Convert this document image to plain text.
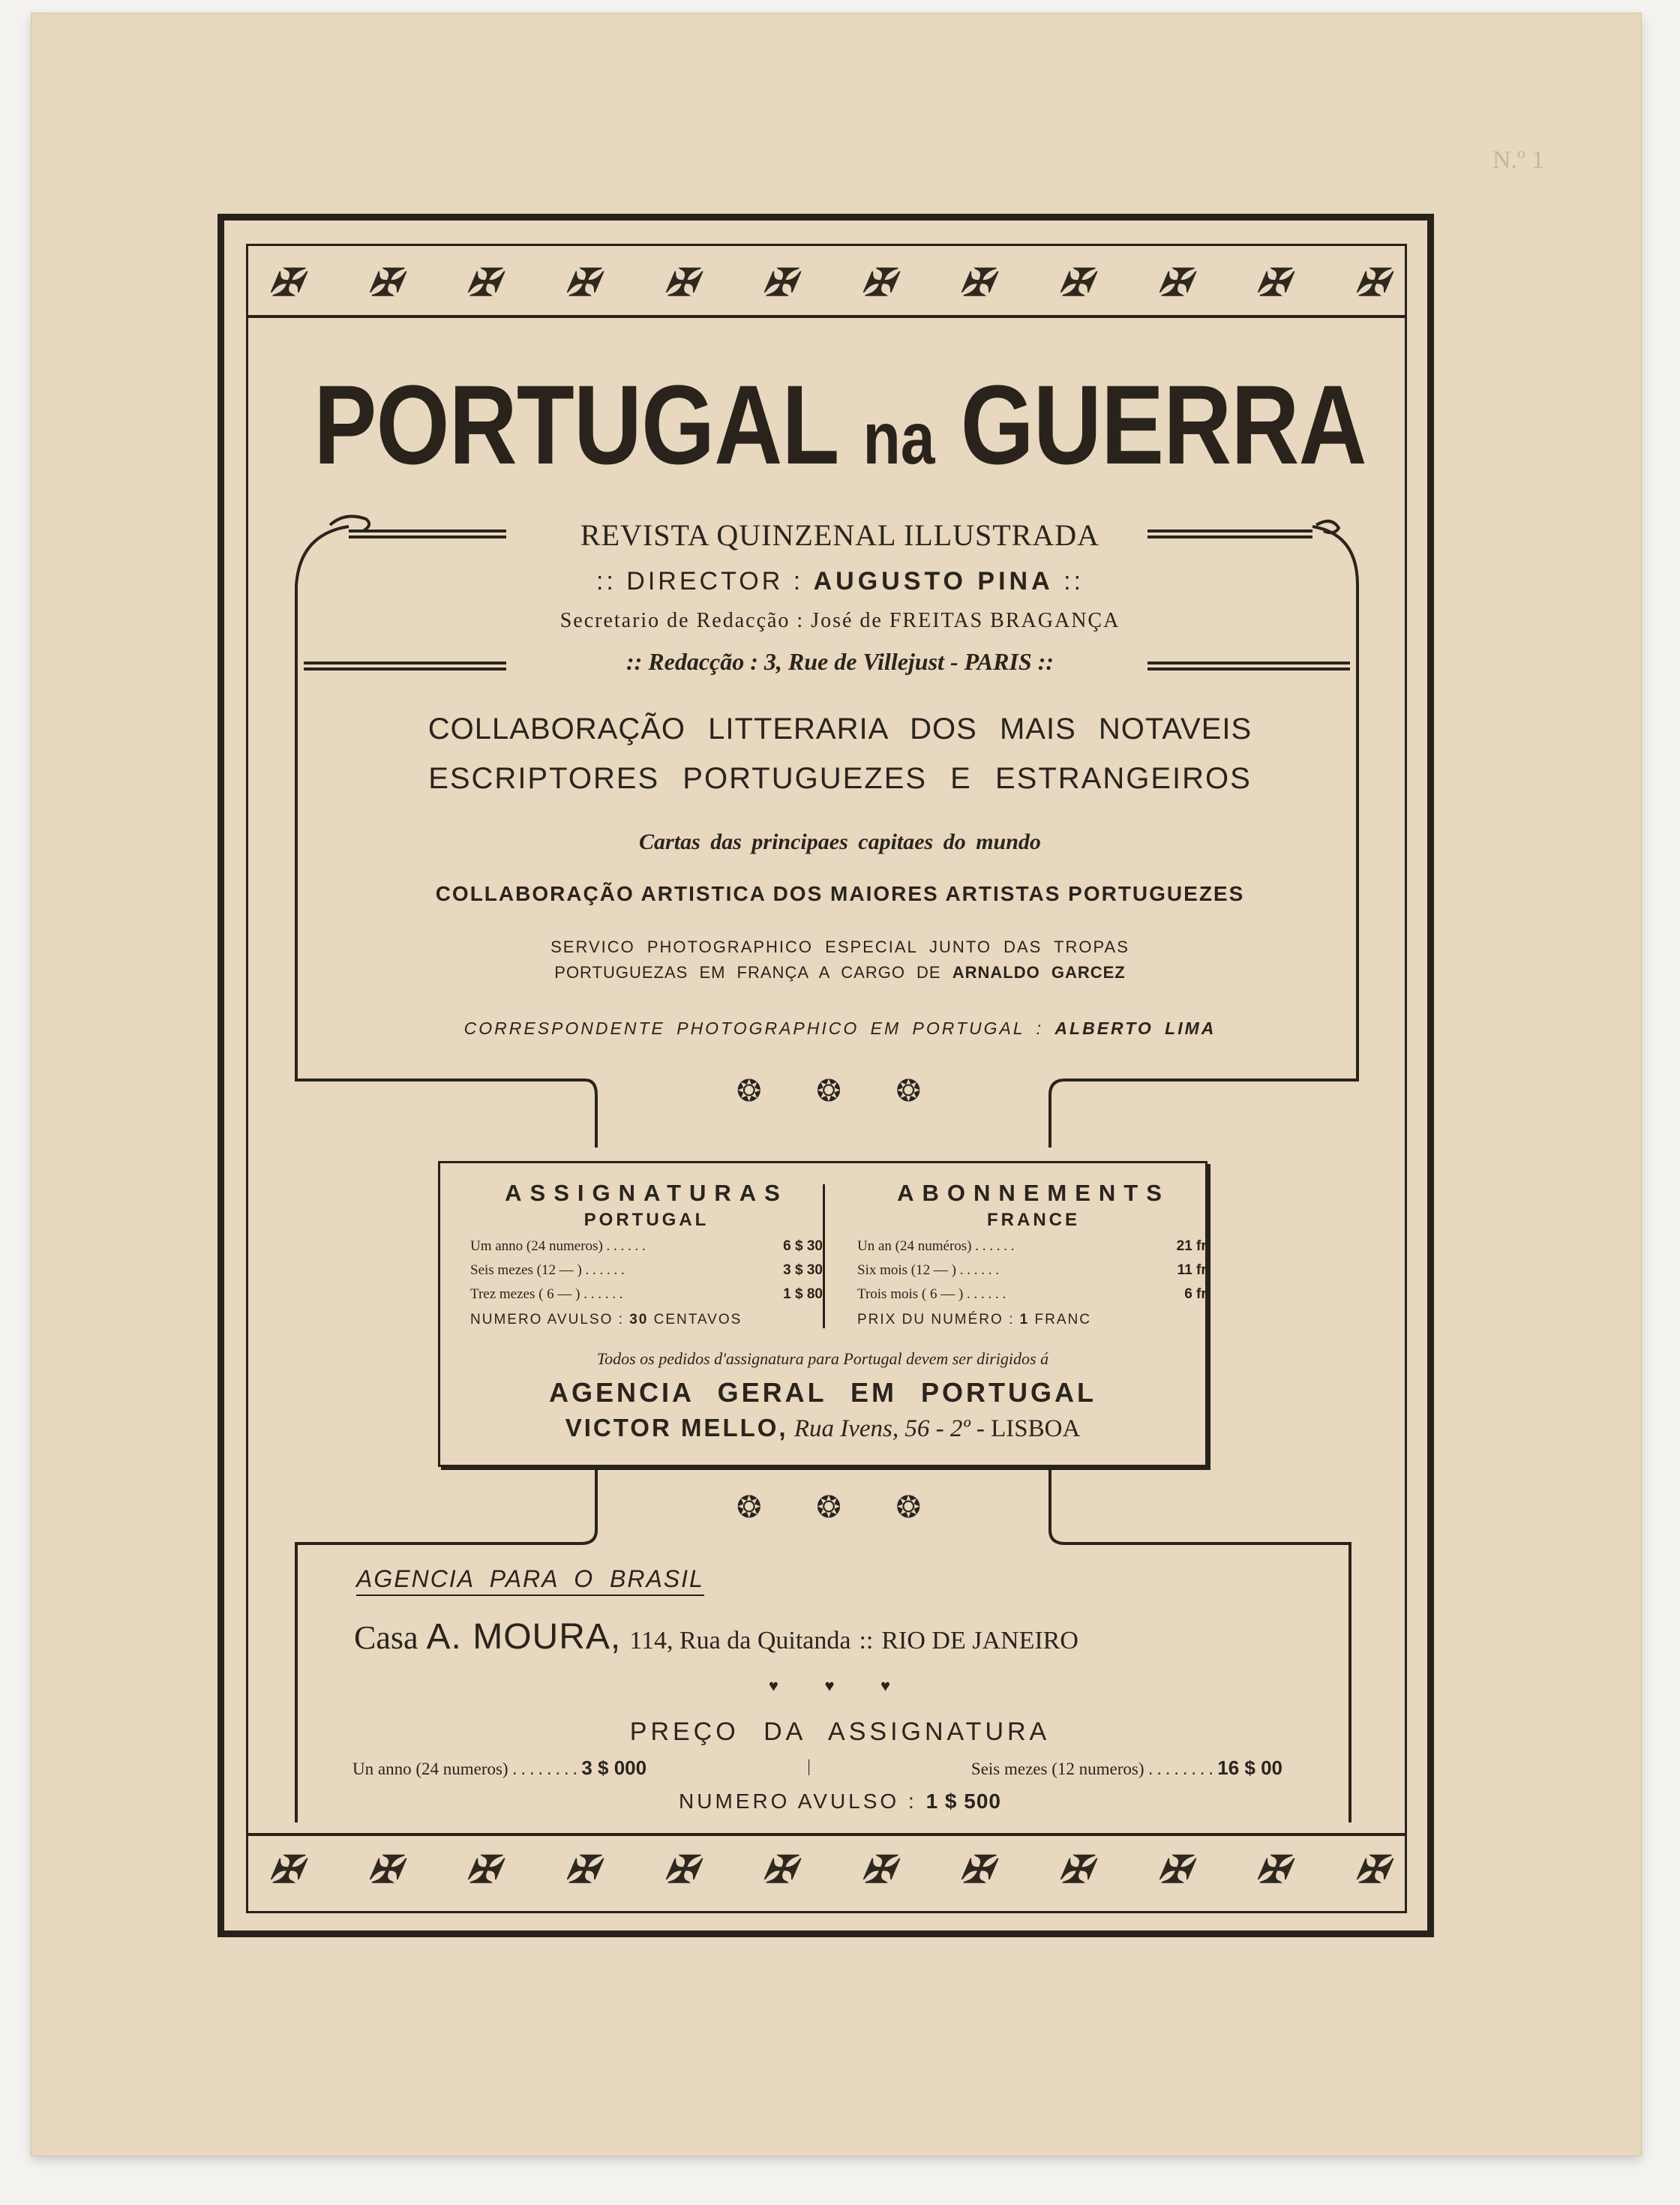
N.º 1
✠ ✠ ✠ ✠ ✠ ✠ ✠ ✠ ✠ ✠ ✠ ✠
PORTUGAL na GUERRA
REVISTA QUINZENAL ILLUSTRADA
:: DIRECTOR : AUGUSTO PINA ::
Secretario de Redacção : José de FREITAS BRAGANÇA
:: Redacção : 3, Rue de Villejust - PARIS ::
COLLABORAÇÃO LITTERARIA DOS MAIS NOTAVEIS
ESCRIPTORES PORTUGUEZES E ESTRANGEIROS
Cartas das principaes capitaes do mundo
COLLABORAÇÃO ARTISTICA DOS MAIORES ARTISTAS PORTUGUEZES
SERVICO PHOTOGRAPHICO ESPECIAL JUNTO DAS TROPAS
PORTUGUEZAS EM FRANÇA A CARGO DE ARNALDO GARCEZ
CORRESPONDENTE PHOTOGRAPHICO EM PORTUGAL : ALBERTO LIMA
❂ ❂ ❂
ASSIGNATURAS
PORTUGAL
Um anno (24 numeros) . . . . . .	6 $ 30
Seis mezes (12 — ) . . . . . .	3 $ 30
Trez mezes ( 6 — ) . . . . . .	1 $ 80
NUMERO AVULSO : 30 CENTAVOS
ABONNEMENTS
FRANCE
Un an (24 numéros) . . . . . .	21 fr.
Six mois (12 — ) . . . . . .	11 fr.
Trois mois ( 6 — ) . . . . . .	6 fr.
PRIX DU NUMÉRO : 1 FRANC
Todos os pedidos d'assignatura para Portugal devem ser dirigidos á
AGENCIA GERAL EM PORTUGAL
VICTOR MELLO, Rua Ivens, 56 - 2º - LISBOA
❂ ❂ ❂
AGENCIA PARA O BRASIL
Casa A. MOURA, 114, Rua da Quitanda :: RIO DE JANEIRO
♥ ♥ ♥
PREÇO DA ASSIGNATURA
Un anno (24 numeros) . . . . . . . . 3 $ 000	|	Seis mezes (12 numeros) . . . . . . . . 16 $ 00
NUMERO AVULSO : 1 $ 500
✠ ✠ ✠ ✠ ✠ ✠ ✠ ✠ ✠ ✠ ✠ ✠
